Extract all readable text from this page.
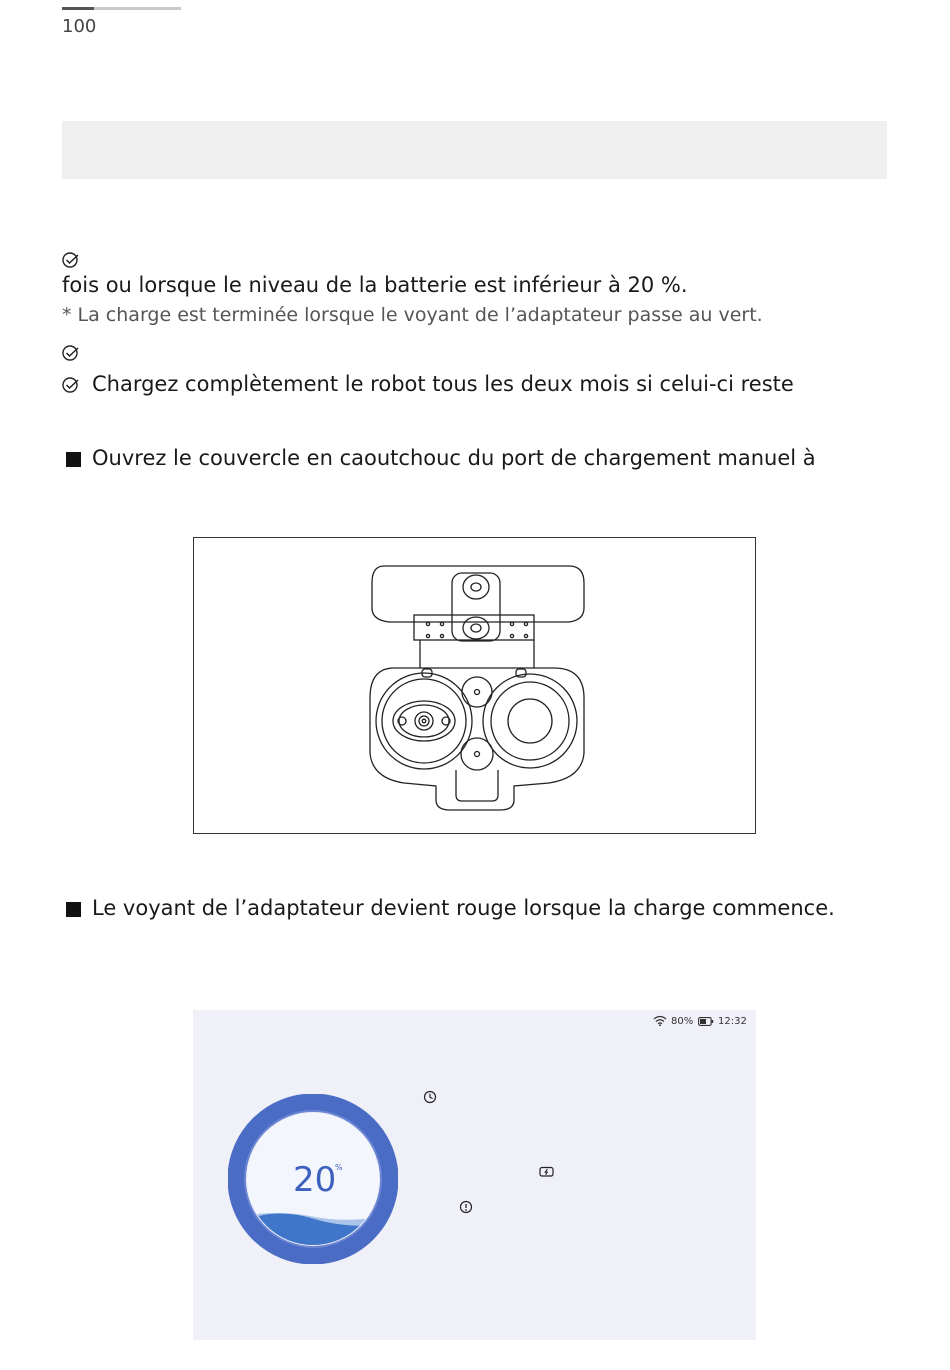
100
fois ou lorsque le niveau de la batterie est inférieur à 20 %.
* La charge est terminée lorsque le voyant de l’adaptateur passe au vert.
Chargez complètement le robot tous les deux mois si celui-ci reste
Ouvrez le couvercle en caoutchouc du port de chargement manuel à
Le voyant de l’adaptateur devient rouge lorsque la charge commence.
80% 12:32
20
%
